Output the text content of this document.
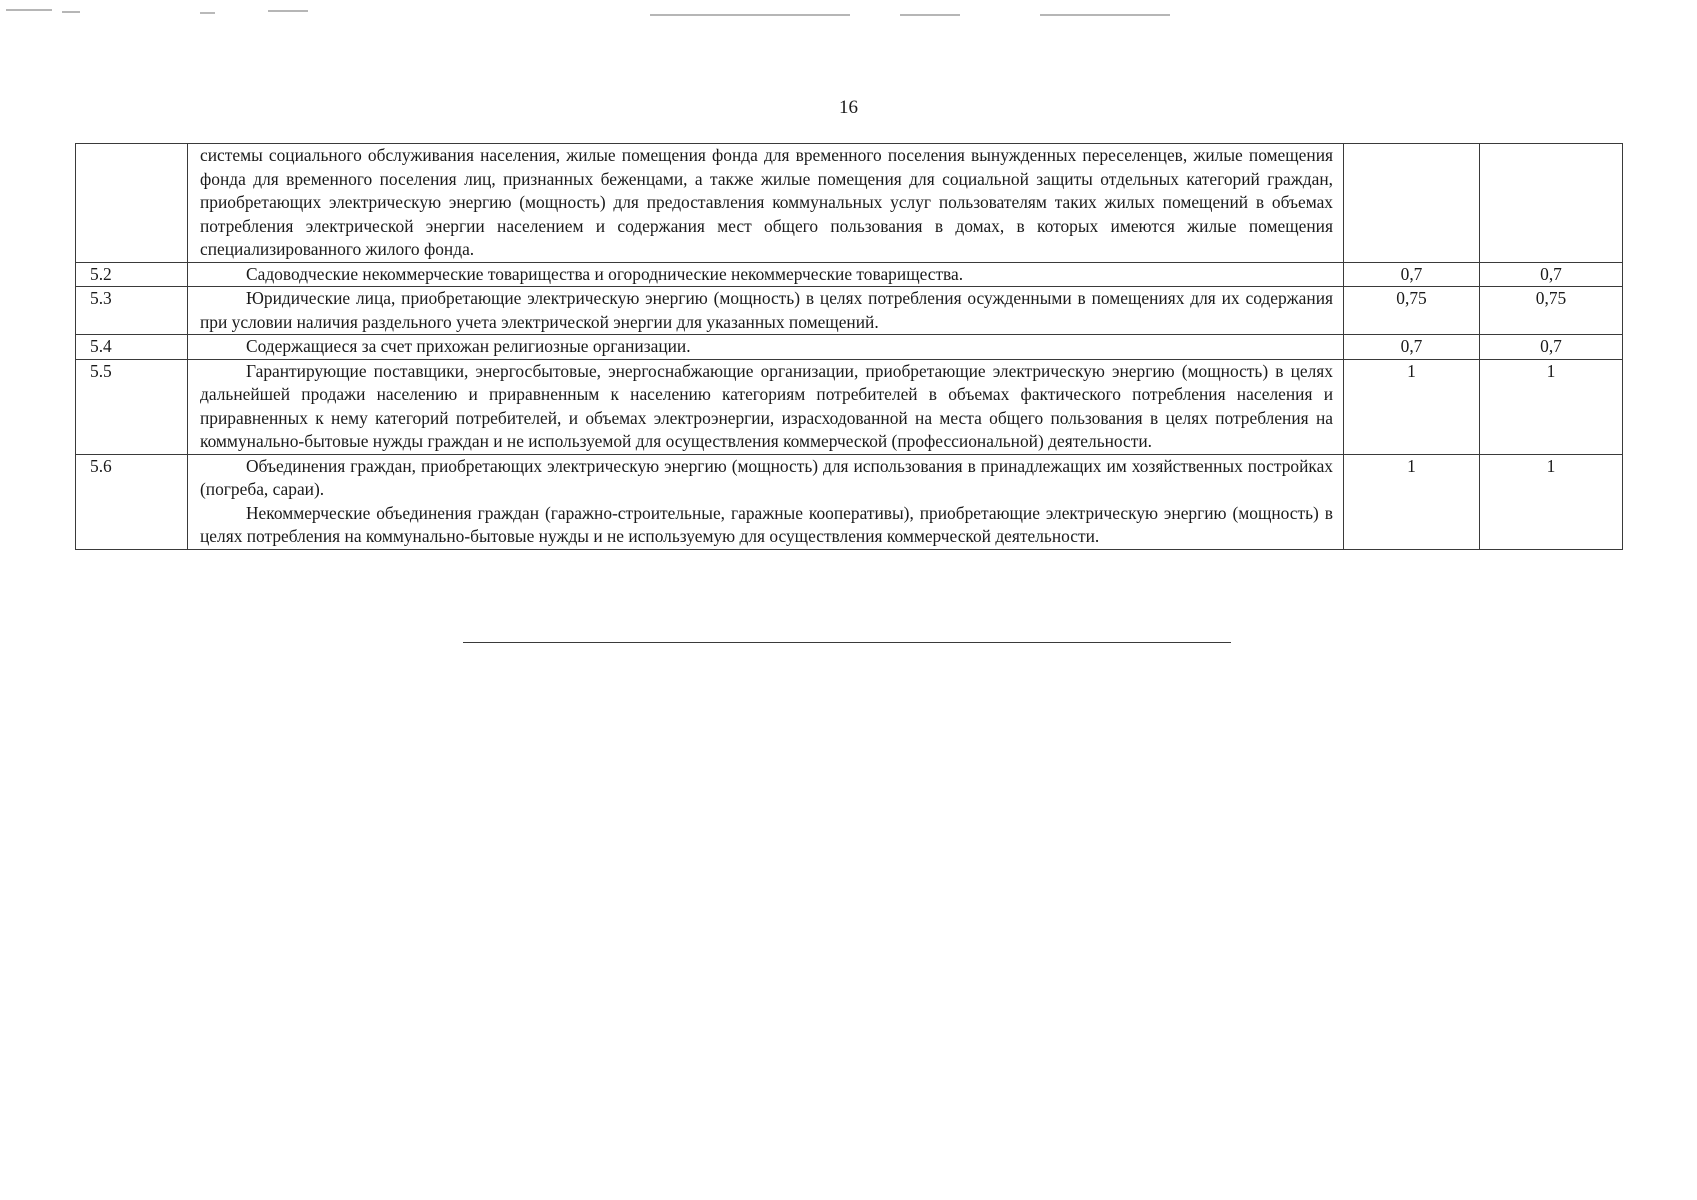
16

	системы социального обслуживания населения, жилые помещения фонда для временного поселения вынужденных переселенцев, жилые помещения фонда для временного поселения лиц, признанных беженцами, а также жилые помещения для социальной защиты отдельных категорий граждан, приобретающих электрическую энергию (мощность) для предоставления коммунальных услуг пользователям таких жилых помещений в объемах потребления электрической энергии населением и содержания мест общего пользования в домах, в которых имеются жилые помещения специализированного жилого фонда.		

5.2	Садоводческие некоммерческие товарищества и огороднические некоммерческие товарищества.	0,7	0,7
5.3	Юридические лица, приобретающие электрическую энергию (мощность) в целях потребления осужденными в помещениях для их содержания при условии наличия раздельного учета электрической энергии для указанных помещений.	0,75	0,75
5.4	Содержащиеся за счет прихожан религиозные организации.	0,7	0,7
5.5	Гарантирующие поставщики, энергосбытовые, энергоснабжающие организации, приобретающие электрическую энергию (мощность) в целях дальнейшей продажи населению и приравненным к населению категориям потребителей в объемах фактического потребления населения и приравненных к нему категорий потребителей, и объемах электроэнергии, израсходованной на места общего пользования в целях потребления на коммунально-бытовые нужды граждан и не используемой для осуществления коммерческой (профессиональной) деятельности.	1	1
5.6	Объединения граждан, приобретающих электрическую энергию (мощность) для использования в принадлежащих им хозяйственных постройках (погреба, сараи).

Некоммерческие объединения граждан (гаражно-строительные, гаражные кооперативы), приобретающие электрическую энергию (мощность) в целях потребления на коммунально-бытовые нужды и не используемую для осуществления коммерческой деятельности.	1	1
